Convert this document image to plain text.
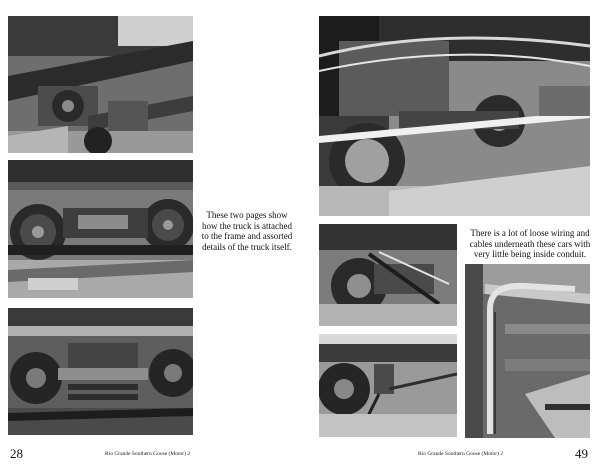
These two pages show

how the truck is attached

to the frame and assorted

details of the truck itself.

28	Rio Grande Southern Goose (Motor) 2

There is a lot of loose wiring and

cables underneath these cars with

very little being inside conduit.

Rio Grande Southern Goose (Motor) 2	49
